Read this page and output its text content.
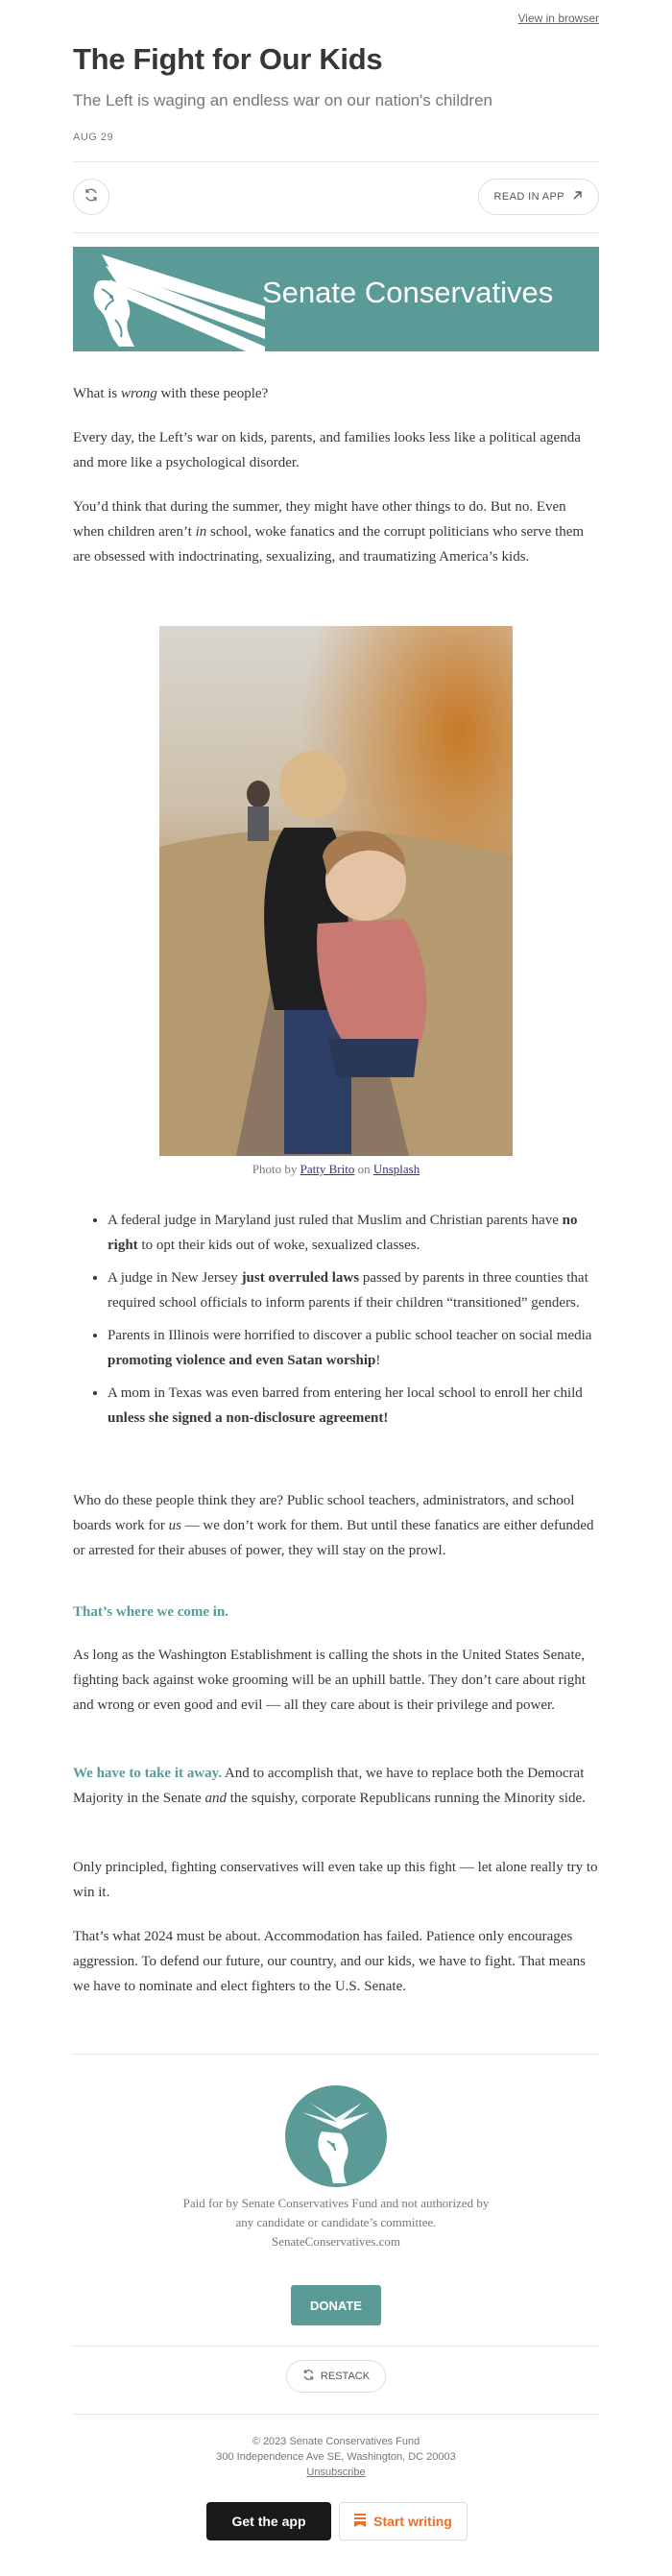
View in browser
The Fight for Our Kids
The Left is waging an endless war on our nation's children
AUG 29
READ IN APP
Senate Conservatives

What is wrong with these people?

Every day, the Left’s war on kids, parents, and families looks less like a political agenda and more like a psychological disorder.

You’d think that during the summer, they might have other things to do. But no. Even when children aren’t in school, woke fanatics and the corrupt politicians who serve them are obsessed with indoctrinating, sexualizing, and traumatizing America’s kids.

Photo by Patty Brito on Unsplash
• A federal judge in Maryland just ruled that Muslim and Christian parents have no right to opt their kids out of woke, sexualized classes.
• A judge in New Jersey just overruled laws passed by parents in three counties that required school officials to inform parents if their children “transitioned” genders.
• Parents in Illinois were horrified to discover a public school teacher on social media promoting violence and even Satan worship!
• A mom in Texas was even barred from entering her local school to enroll her child unless she signed a non-disclosure agreement!

Who do these people think they are? Public school teachers, administrators, and school boards work for us — we don’t work for them. But until these fanatics are either defunded or arrested for their abuses of power, they will stay on the prowl.

That’s where we come in.

As long as the Washington Establishment is calling the shots in the United States Senate, fighting back against woke grooming will be an uphill battle. They don’t care about right and wrong or even good and evil — all they care about is their privilege and power.

We have to take it away. And to accomplish that, we have to replace both the Democrat Majority in the Senate and the squishy, corporate Republicans running the Minority side.

Only principled, fighting conservatives will even take up this fight — let alone really try to win it.

That’s what 2024 must be about. Accommodation has failed. Patience only encourages aggression. To defend our future, our country, and our kids, we have to fight. That means we have to nominate and elect fighters to the U.S. Senate.

Paid for by Senate Conservatives Fund and not authorized by
any candidate or candidate’s committee.
SenateConservatives.com
DONATE
RESTACK
© 2023 Senate Conservatives Fund
300 Independence Ave SE, Washington, DC 20003
Unsubscribe
Get the app	Start writing
